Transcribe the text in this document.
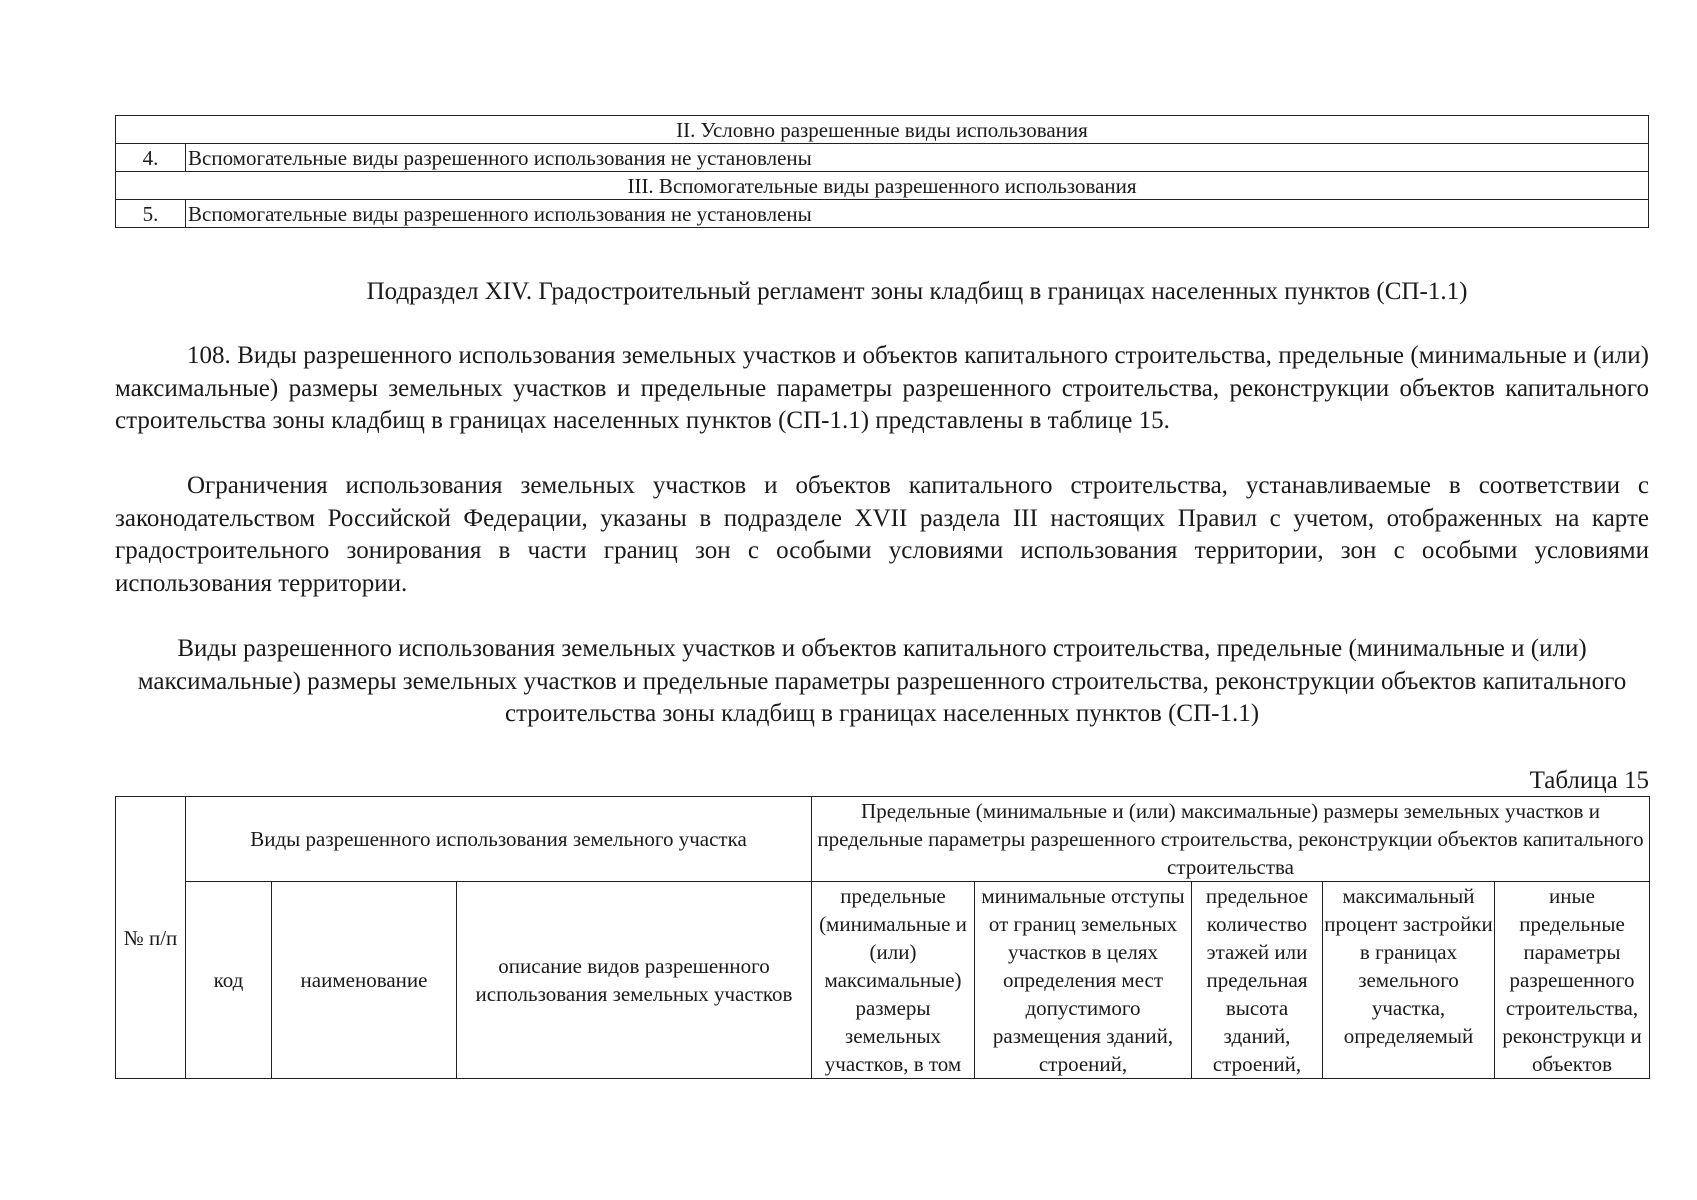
II. Условно разрешенные виды использования	
4.	Вспомогательные виды разрешенного использования не установлены
III. Вспомогательные виды разрешенного использования	
5.	Вспомогательные виды разрешенного использования не установлены
Подраздел XIV. Градостроительный регламент зоны кладбищ в границах населенных пунктов (СП-1.1)

108. Виды разрешенного использования земельных участков и объектов капитального строительства, предельные (минимальные и (или) максимальные) размеры земельных участков и предельные параметры разрешенного строительства, реконструкции объектов капитального строительства зоны кладбищ в границах населенных пунктов (СП-1.1) представлены в таблице 15.

Ограничения использования земельных участков и объектов капитального строительства, устанавливаемые в соответствии с законодательством Российской Федерации, указаны в подразделе XVII раздела III настоящих Правил с учетом, отображенных на карте градостроительного зонирования в части границ зон с особыми условиями использования территории, зон с особыми условиями использования территории.

Виды разрешенного использования земельных участков и объектов капитального строительства, предельные (минимальные и (или) максимальные) размеры земельных участков и предельные параметры разрешенного строительства, реконструкции объектов капитального строительства зоны кладбищ в границах населенных пунктов (СП-1.1)

Таблица 15
№ п/п	Виды разрешенного использования земельного участка			Предельные (минимальные и (или) максимальные) размеры земельных участков и предельные параметры разрешенного строительства, реконструкции объектов капитального строительства				
	код	наименование	описание видов разрешенного использования земельных участков	предельные (минимальные и (или) максимальные) размеры земельных участков, в том	минимальные отступы от границ земельных участков в целях определения мест допустимого размещения зданий, строений,	предельное количество этажей или предельная высота зданий, строений,	максимальный процент застройки в границах земельного участка, определяемый	иные предельные параметры разрешенного строительства, реконструкци и объектов
